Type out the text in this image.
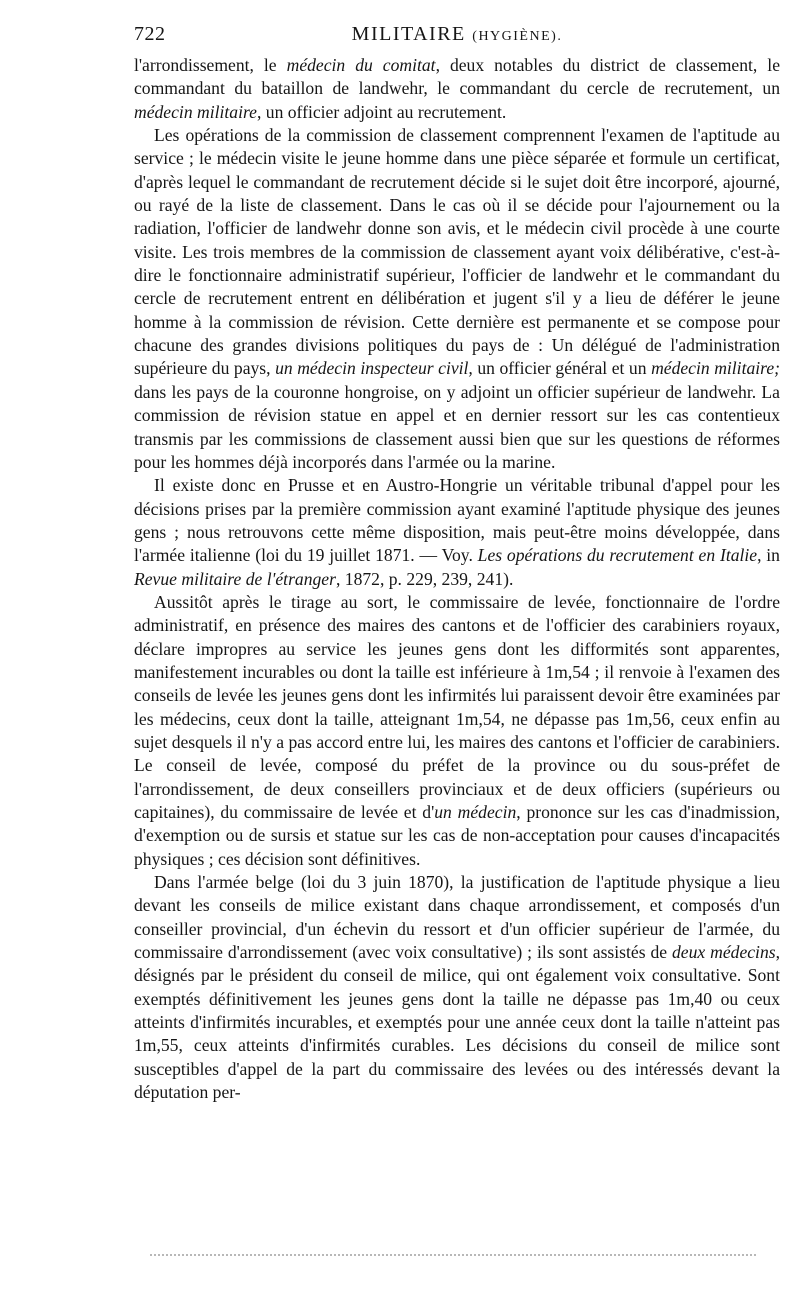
722	MILITAIRE (HYGIÈNE).

l'arrondissement, le médecin du comitat, deux notables du district de classement, le commandant du bataillon de landwehr, le commandant du cercle de recrutement, un médecin militaire, un officier adjoint au recrutement.

Les opérations de la commission de classement comprennent l'examen de l'aptitude au service ; le médecin visite le jeune homme dans une pièce séparée et formule un certificat, d'après lequel le commandant de recrutement décide si le sujet doit être incorporé, ajourné, ou rayé de la liste de classement. Dans le cas où il se décide pour l'ajournement ou la radiation, l'officier de landwehr donne son avis, et le médecin civil procède à une courte visite. Les trois membres de la commission de classement ayant voix délibérative, c'est-à-dire le fonctionnaire administratif supérieur, l'officier de landwehr et le commandant du cercle de recrutement entrent en délibération et jugent s'il y a lieu de déférer le jeune homme à la commission de révision. Cette dernière est permanente et se compose pour chacune des grandes divisions politiques du pays de : Un délégué de l'administration supérieure du pays, un médecin inspecteur civil, un officier général et un médecin militaire; dans les pays de la couronne hongroise, on y adjoint un officier supérieur de landwehr. La commission de révision statue en appel et en dernier ressort sur les cas contentieux transmis par les commissions de classement aussi bien que sur les questions de réformes pour les hommes déjà incorporés dans l'armée ou la marine.

Il existe donc en Prusse et en Austro-Hongrie un véritable tribunal d'appel pour les décisions prises par la première commission ayant examiné l'aptitude physique des jeunes gens ; nous retrouvons cette même disposition, mais peut-être moins développée, dans l'armée italienne (loi du 19 juillet 1871. — Voy. Les opérations du recrutement en Italie, in Revue militaire de l'étranger, 1872, p. 229, 239, 241).

Aussitôt après le tirage au sort, le commissaire de levée, fonctionnaire de l'ordre administratif, en présence des maires des cantons et de l'officier des carabiniers royaux, déclare impropres au service les jeunes gens dont les difformités sont apparentes, manifestement incurables ou dont la taille est inférieure à 1m,54 ; il renvoie à l'examen des conseils de levée les jeunes gens dont les infirmités lui paraissent devoir être examinées par les médecins, ceux dont la taille, atteignant 1m,54, ne dépasse pas 1m,56, ceux enfin au sujet desquels il n'y a pas accord entre lui, les maires des cantons et l'officier de carabiniers. Le conseil de levée, composé du préfet de la province ou du sous-préfet de l'arrondissement, de deux conseillers provinciaux et de deux officiers (supérieurs ou capitaines), du commissaire de levée et d'un médecin, prononce sur les cas d'inadmission, d'exemption ou de sursis et statue sur les cas de non-acceptation pour causes d'incapacités physiques ; ces décision sont définitives.

Dans l'armée belge (loi du 3 juin 1870), la justification de l'aptitude physique a lieu devant les conseils de milice existant dans chaque arrondissement, et composés d'un conseiller provincial, d'un échevin du ressort et d'un officier supérieur de l'armée, du commissaire d'arrondissement (avec voix consultative) ; ils sont assistés de deux médecins, désignés par le président du conseil de milice, qui ont également voix consultative. Sont exemptés définitivement les jeunes gens dont la taille ne dépasse pas 1m,40 ou ceux atteints d'infirmités incurables, et exemptés pour une année ceux dont la taille n'atteint pas 1m,55, ceux atteints d'infirmités curables. Les décisions du conseil de milice sont susceptibles d'appel de la part du commissaire des levées ou des intéressés devant la députation per-
